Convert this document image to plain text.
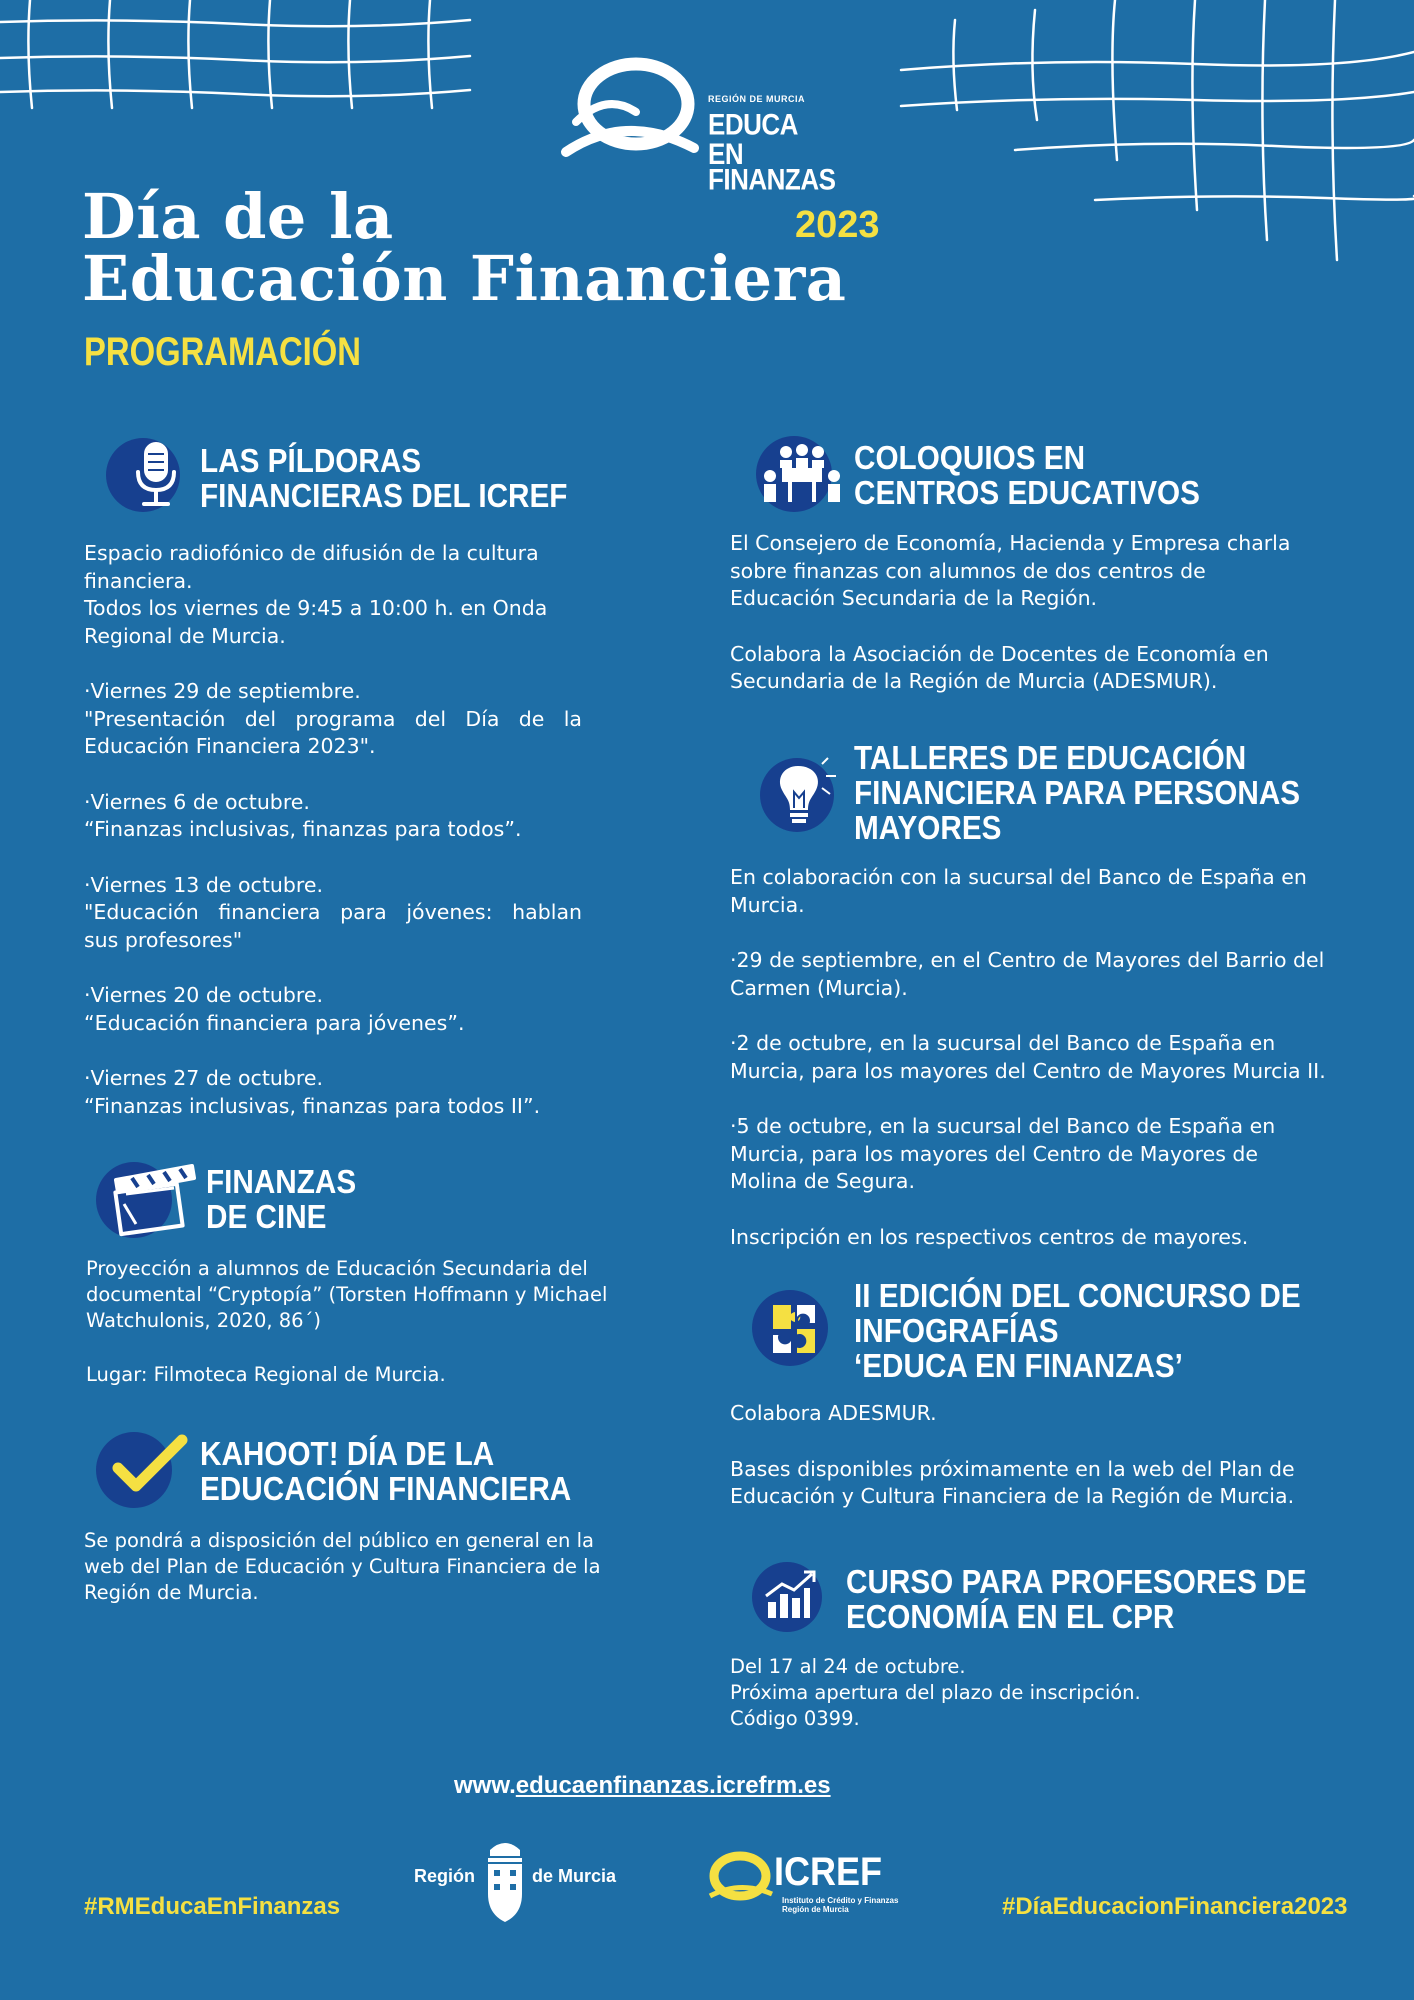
REGIÓN DE MURCIA
EDUCA EN
FINANZAS
Día de la
Educación Financiera
2023
PROGRAMACIÓN
LAS PÍLDORAS
FINANCIERAS DEL ICREF

Espacio radiofónico de difusión de la cultura
financiera.
Todos los viernes de 9:45 a 10:00 h. en Onda
Regional de Murcia.

·Viernes 29 de septiembre.
"Presentación del programa del Día de la
Educación Financiera 2023".

·Viernes 6 de octubre.
“Finanzas inclusivas, finanzas para todos”.

·Viernes 13 de octubre.
"Educación financiera para jóvenes: hablan
sus profesores"

·Viernes 20 de octubre.
“Educación financiera para jóvenes”.

·Viernes 27 de octubre.
“Finanzas inclusivas, finanzas para todos II”.

FINANZAS
DE CINE

Proyección a alumnos de Educación Secundaria del
documental “Cryptopía” (Torsten Hoffmann y Michael
Watchulonis, 2020, 86´)

Lugar: Filmoteca Regional de Murcia.

KAHOOT! DÍA DE LA
EDUCACIÓN FINANCIERA

Se pondrá a disposición del público en general en la
web del Plan de Educación y Cultura Financiera de la
Región de Murcia.

COLOQUIOS EN
CENTROS EDUCATIVOS

El Consejero de Economía, Hacienda y Empresa charla
sobre finanzas con alumnos de dos centros de
Educación Secundaria de la Región.

Colabora la Asociación de Docentes de Economía en
Secundaria de la Región de Murcia (ADESMUR).

TALLERES DE EDUCACIÓN
FINANCIERA PARA PERSONAS
MAYORES

En colaboración con la sucursal del Banco de España en
Murcia.

·29 de septiembre, en el Centro de Mayores del Barrio del
Carmen (Murcia).

·2 de octubre, en la sucursal del Banco de España en
Murcia, para los mayores del Centro de Mayores Murcia II.

·5 de octubre, en la sucursal del Banco de España en
Murcia, para los mayores del Centro de Mayores de
Molina de Segura.

Inscripción en los respectivos centros de mayores.

II EDICIÓN DEL CONCURSO DE
INFOGRAFÍAS
‘EDUCA EN FINANZAS’

Colabora ADESMUR.

Bases disponibles próximamente en la web del Plan de
Educación y Cultura Financiera de la Región de Murcia.

CURSO PARA PROFESORES DE
ECONOMÍA EN EL CPR

Del 17 al 24 de octubre.
Próxima apertura del plazo de inscripción.
Código 0399.

www.educaenfinanzas.icrefrm.es
#RMEducaEnFinanzas	#DíaEducacionFinanciera2023
Región	de Murcia	ICREF
Instituto de Crédito y Finanzas
Región de Murcia
